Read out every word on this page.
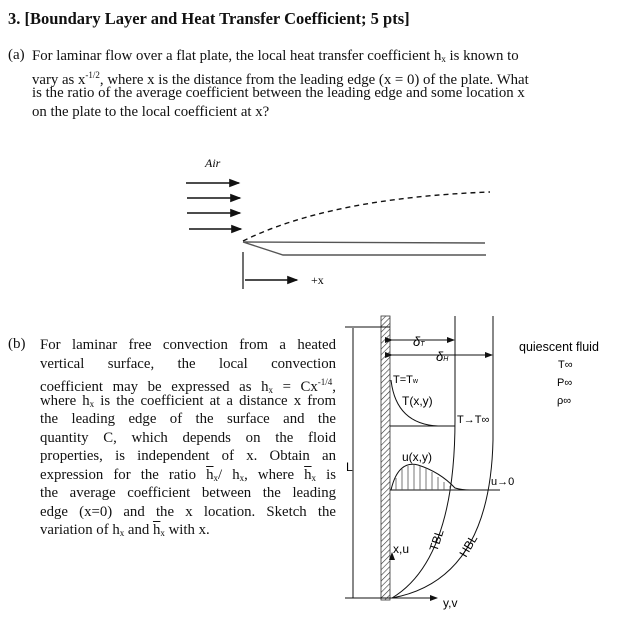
3. [Boundary Layer and Heat Transfer Coefficient; 5 pts]
(a) For laminar flow over a flat plate, the local heat transfer coefficient $h_x$ is known to
vary as $x^{-1/2}$, where x is the distance from the leading edge (x = 0) of the plate. What
is the ratio of the average coefficient between the leading edge and some location x
on the plate to the local coefficient at x?
Air
+x
(b) For laminar free convection from a heated
vertical surface, the local convection
coefficient may be expressed as $h_x = Cx^{-1/4}$,
where $h_x$ is the coefficient at a distance x from
the leading edge of the surface and the
quantity C, which depends on the floid
properties, is independent of x. Obtain an
expression for the ratio $\overline{h}_x/$ $h_x$, where $\overline{h}_x$ is
the average coefficient between the leading
edge (x=0) and the x location. Sketch the
variation of $h_x$ and $\overline{h}_x$ with x.
δT
δH
T=Tw
T(x,y)
T→T∞
u(x,y)
u→0
L
x,u
y,v
TBL HBL
quiescent fluid
T∞
P∞
ρ∞
